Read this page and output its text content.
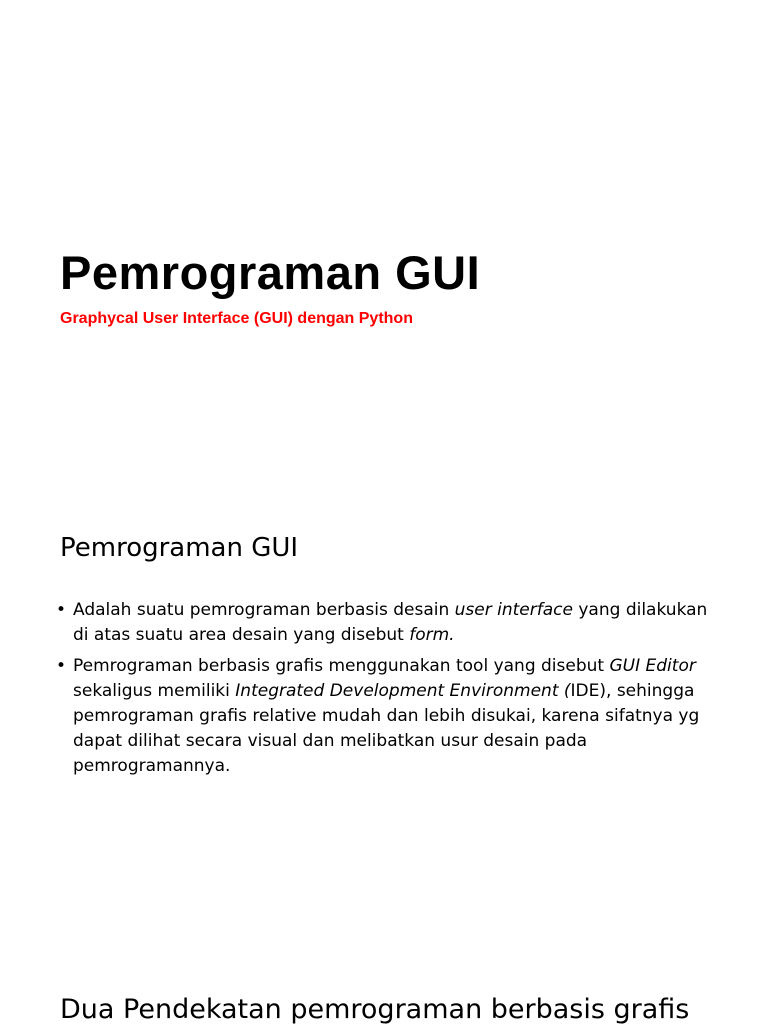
Pemrograman GUI

Graphycal User Interface (GUI) dengan Python

Pemrograman GUI
• Adalah suatu pemrograman berbasis desain user interface yang dilakukan di atas suatu area desain yang disebut form.
• Pemrograman berbasis grafis menggunakan tool yang disebut GUI Editor sekaligus memiliki Integrated Development Environment (IDE), sehingga pemrograman grafis relative mudah dan lebih disukai, karena sifatnya yg dapat dilihat secara visual dan melibatkan usur desain pada pemrogramannya.
Dua Pendekatan pemrograman berbasis grafis
